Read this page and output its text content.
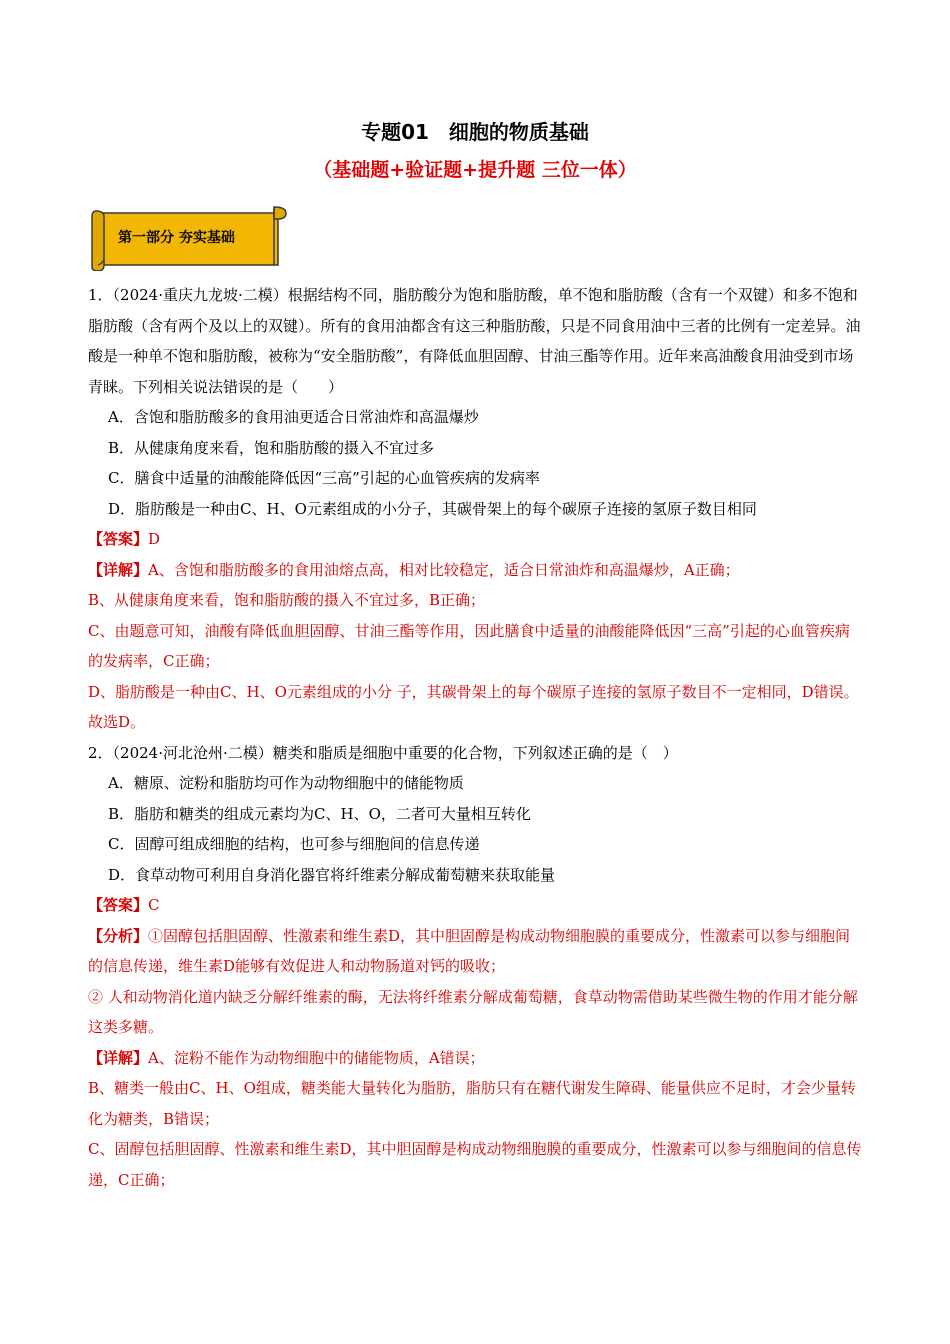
专题01　细胞的物质基础
（基础题+验证题+提升题 三位一体）
第一部分 夯实基础

1．（2024·重庆九龙坡·二模）根据结构不同，脂肪酸分为饱和脂肪酸，单不饱和脂肪酸（含有一个双键）和多不饱和脂肪酸（含有两个及以上的双键）。所有的食用油都含有这三种脂肪酸，只是不同食用油中三者的比例有一定差异。油酸是一种单不饱和脂肪酸，被称为“安全脂肪酸”，有降低血胆固醇、甘油三酯等作用。近年来高油酸食用油受到市场青睐。下列相关说法错误的是（　　）

A．含饱和脂肪酸多的食用油更适合日常油炸和高温爆炒

B．从健康角度来看，饱和脂肪酸的摄入不宜过多

C．膳食中适量的油酸能降低因“三高”引起的心血管疾病的发病率

D．脂肪酸是一种由C、H、O元素组成的小分子，其碳骨架上的每个碳原子连接的氢原子数目相同

【答案】D

【详解】A、含饱和脂肪酸多的食用油熔点高，相对比较稳定，适合日常油炸和高温爆炒，A正确；

B、从健康角度来看，饱和脂肪酸的摄入不宜过多，B正确；

C、由题意可知，油酸有降低血胆固醇、甘油三酯等作用，因此膳食中适量的油酸能降低因“三高”引起的心血管疾病的发病率，C正确；

D、脂肪酸是一种由C、H、O元素组成的小分 子，其碳骨架上的每个碳原子连接的氢原子数目不一定相同，D错误。

故选D。

2．（2024·河北沧州·二模）糖类和脂质是细胞中重要的化合物，下列叙述正确的是（　）

A．糖原、淀粉和脂肪均可作为动物细胞中的储能物质

B．脂肪和糖类的组成元素均为C、H、O，二者可大量相互转化

C．固醇可组成细胞的结构，也可参与细胞间的信息传递

D．食草动物可利用自身消化器官将纤维素分解成葡萄糖来获取能量

【答案】C

【分析】①固醇包括胆固醇、性激素和维生素D，其中胆固醇是构成动物细胞膜的重要成分，性激素可以参与细胞间的信息传递，维生素D能够有效促进人和动物肠道对钙的吸收；

② 人和动物消化道内缺乏分解纤维素的酶，无法将纤维素分解成葡萄糖，食草动物需借助某些微生物的作用才能分解这类多糖。

【详解】A、淀粉不能作为动物细胞中的储能物质，A错误；

B、糖类一般由C、H、O组成，糖类能大量转化为脂肪，脂肪只有在糖代谢发生障碍、能量供应不足时，才会少量转化为糖类，B错误；

C、固醇包括胆固醇、性激素和维生素D，其中胆固醇是构成动物细胞膜的重要成分，性激素可以参与细胞间的信息传递，C正确；
